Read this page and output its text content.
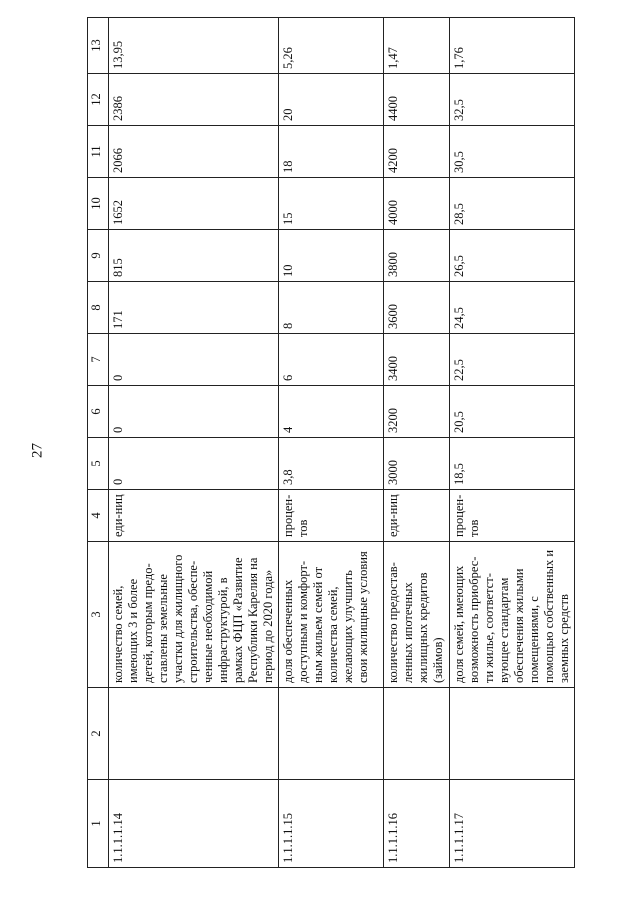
27
1	2	3	4	5	6	7	8	9	10	11	12	13
1.1.1.1.14		количество семей, имеющих 3 и более детей, которым предо-ставлены земельные участки для жилищного строительства, обеспе-ченные необходимой инфраструктурой, в рамках ФЦП «Развитие Республики Карелия на период до 2020 года»	еди-ниц	0	0	0	171	815	1652	2066	2386	13,95
1.1.1.1.15		доля обеспеченных доступным и комфорт-ным жильем семей от количества семей, желающих улучшить свои жилищные условия	процен-тов	3,8	4	6	8	10	15	18	20	5,26
1.1.1.1.16		количество предостав-ленных ипотечных жилищных кредитов (займов)	еди-ниц	3000	3200	3400	3600	3800	4000	4200	4400	1,47
1.1.1.1.17		доля семей, имеющих возможность приобрес-ти жилье, соответст-вующее стандартам обеспечения жилыми помещениями, с помощью собственных и заемных средств	процен-тов	18,5	20,5	22,5	24,5	26,5	28,5	30,5	32,5	1,76
